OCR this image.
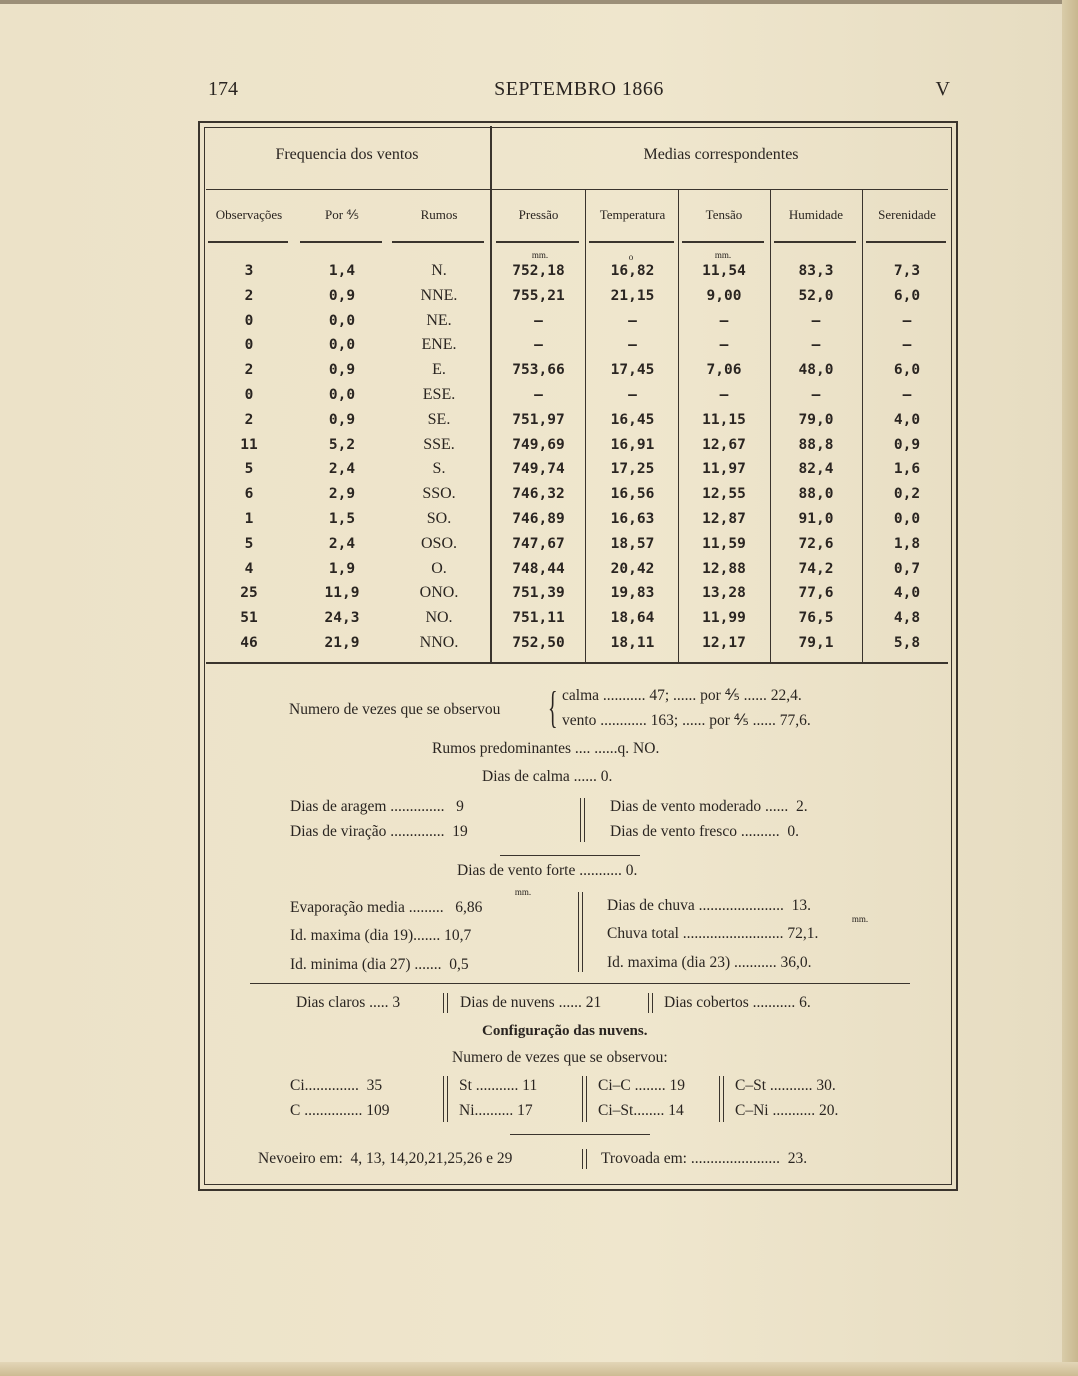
174	SEPTEMBRO 1866	V
Frequencia dos ventos	Medias correspondentes
Observações	Por ⅘	Rumos	Pressão	Temperatura	Tensão	Humidade	Serenidade
mm.	o	mm.
3	1,4	N.	752,18	16,82	11,54	83,3	7,3
2	0,9	NNE.	755,21	21,15	9,00	52,0	6,0
0	0,0	NE.	—	—	—	—	—
0	0,0	ENE.	—	—	—	—	—
2	0,9	E.	753,66	17,45	7,06	48,0	6,0
0	0,0	ESE.	—	—	—	—	—
2	0,9	SE.	751,97	16,45	11,15	79,0	4,0
11	5,2	SSE.	749,69	16,91	12,67	88,8	0,9
5	2,4	S.	749,74	17,25	11,97	82,4	1,6
6	2,9	SSO.	746,32	16,56	12,55	88,0	0,2
1	1,5	SO.	746,89	16,63	12,87	91,0	0,0
5	2,4	OSO.	747,67	18,57	11,59	72,6	1,8
4	1,9	O.	748,44	20,42	12,88	74,2	0,7
25	11,9	ONO.	751,39	19,83	13,28	77,6	4,0
51	24,3	NO.	751,11	18,64	11,99	76,5	4,8
46	21,9	NNO.	752,50	18,11	12,17	79,1	5,8
Numero de vezes que se observou { calma ........... 47; ...... por ⅘ ...... 22,4.
vento ............ 163; ...... por ⅘ ...... 77,6.
Rumos predominantes .... ......q. NO.
Dias de calma ...... 0.
Dias de aragem ..............   9
Dias de viração ..............  19
Dias de vento moderado ......  2.
Dias de vento fresco ..........  0.
Dias de vento forte ........... 0.
mm.
Evaporação media .........   6,86
Id. maxima (dia 19)....... 10,7
Id. minima (dia 27) .......  0,5
Dias de chuva ......................  13.
mm.
Chuva total .......................... 72,1.
Id. maxima (dia 23) ........... 36,0.
Dias claros ..... 3	Dias de nuvens ...... 21	Dias cobertos ........... 6.
Configuração das nuvens.
Numero de vezes que se observou:
Ci..............  35
C ............... 109
St ........... 11
Ni.......... 17
Ci–C ........ 19
Ci–St........ 14
C–St ........... 30.
C–Ni ........... 20.
Nevoeiro em:  4, 13, 14,20,21,25,26 e 29	Trovoada em: .......................  23.
